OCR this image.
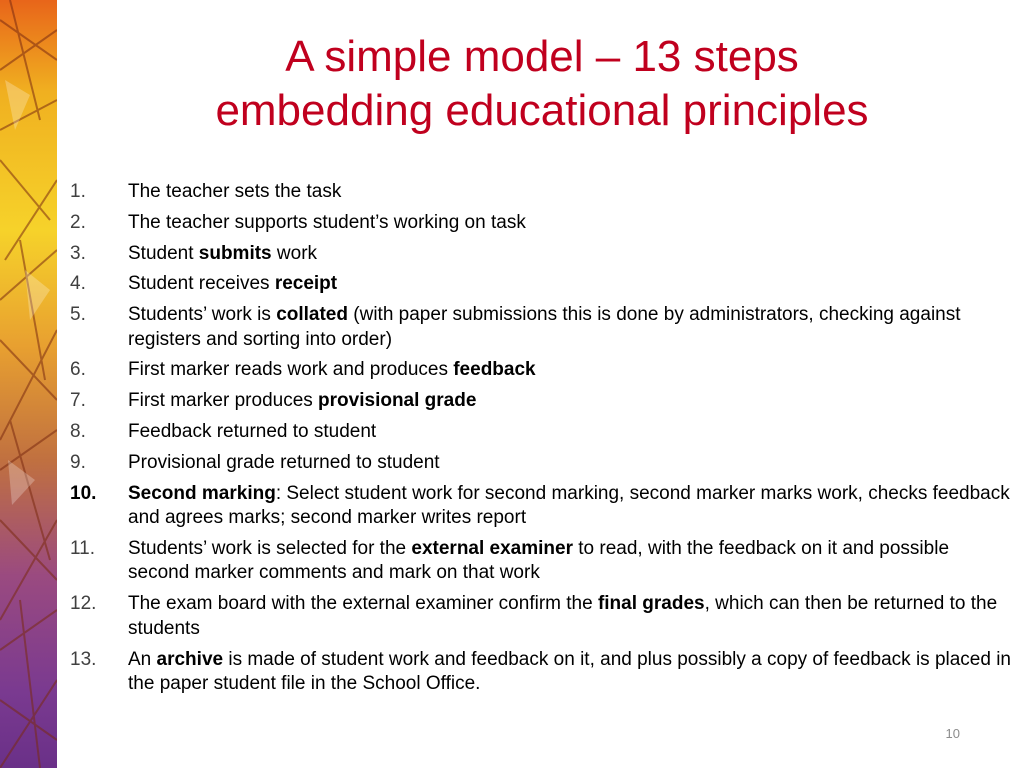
A simple model – 13 steps
embedding educational principles
1.	The teacher sets the task
2.	The teacher supports student’s working on task
3.	Student submits work
4.	Student receives receipt
5.	Students’ work is collated (with paper submissions this is done by administrators, checking against registers and sorting into order)
6.	First marker reads work and produces feedback
7.	First marker produces provisional grade
8.	Feedback returned to student
9.	Provisional grade returned to student
10.	Second marking: Select student work for second marking, second marker marks work, checks feedback and agrees marks; second marker writes report
11.	Students’ work is selected for the external examiner to read, with the feedback on it and possible second marker comments and mark on that work
12.	The exam board with the external examiner confirm the final grades, which can then be returned to the students
13.	An archive is made of student work and feedback on it, and plus possibly a copy of feedback is placed in the paper student file in the School Office.
10
